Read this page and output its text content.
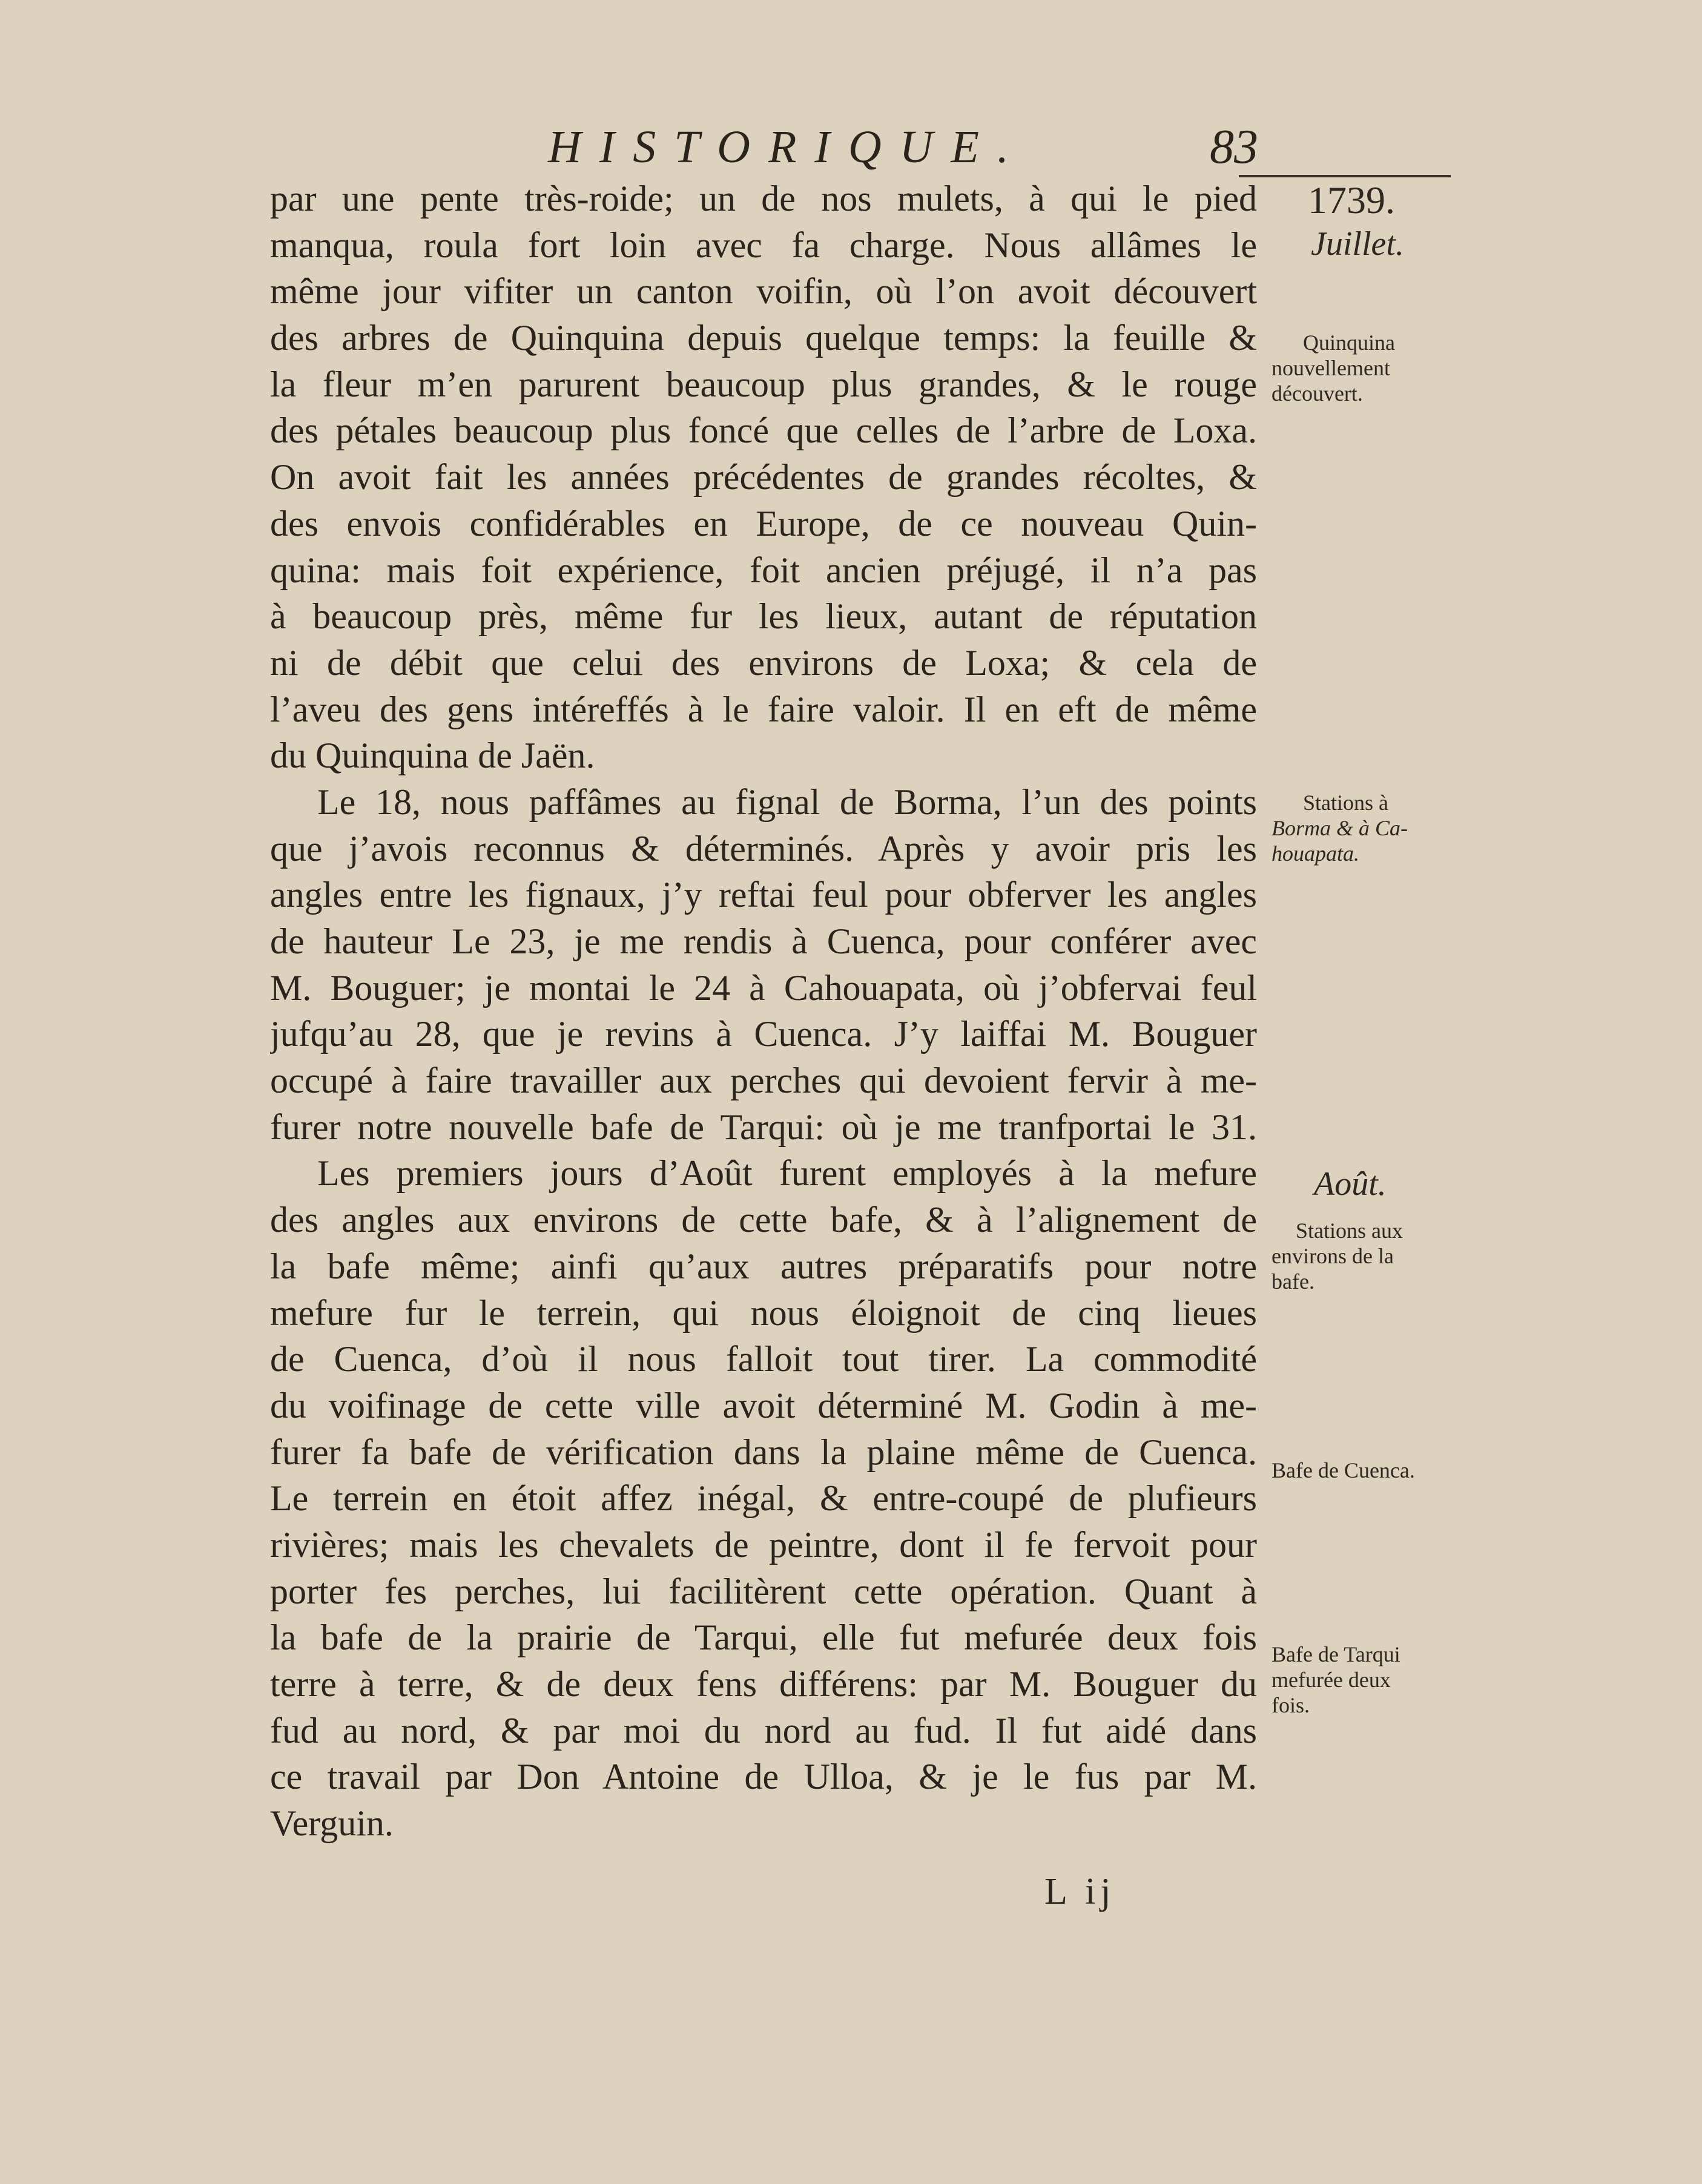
HISTORIQUE.	83
par une pente très-roide; un de nos mulets, à qui le pied
manqua, roula fort loin avec fa charge. Nous allâmes le
même jour vifiter un canton voifin, où l’on avoit découvert
des arbres de Quinquina depuis quelque temps: la feuille &
la fleur m’en parurent beaucoup plus grandes, & le rouge
des pétales beaucoup plus foncé que celles de l’arbre de Loxa.
On avoit fait les années précédentes de grandes récoltes, &
des envois confidérables en Europe, de ce nouveau Quin-
quina: mais foit expérience, foit ancien préjugé, il n’a pas
à beaucoup près, même fur les lieux, autant de réputation
ni de débit que celui des environs de Loxa; & cela de
l’aveu des gens intéreffés à le faire valoir. Il en eft de même
du Quinquina de Jaën.
Le 18, nous paffâmes au fignal de Borma, l’un des points
que j’avois reconnus & déterminés. Après y avoir pris les
angles entre les fignaux, j’y reftai feul pour obferver les angles
de hauteur Le 23, je me rendis à Cuenca, pour conférer avec
M. Bouguer; je montai le 24 à Cahouapata, où j’obfervai feul
jufqu’au 28, que je revins à Cuenca. J’y laiffai M. Bouguer
occupé à faire travailler aux perches qui devoient fervir à me-
furer notre nouvelle bafe de Tarqui: où je me tranfportai le 31.
Les premiers jours d’Août furent employés à la mefure
des angles aux environs de cette bafe, & à l’alignement de
la bafe même; ainfi qu’aux autres préparatifs pour notre
mefure fur le terrein, qui nous éloignoit de cinq lieues
de Cuenca, d’où il nous falloit tout tirer. La commodité
du voifinage de cette ville avoit déterminé M. Godin à me-
furer fa bafe de vérification dans la plaine même de Cuenca.
Le terrein en étoit affez inégal, & entre-coupé de plufieurs
rivières; mais les chevalets de peintre, dont il fe fervoit pour
porter fes perches, lui facilitèrent cette opération. Quant à
la bafe de la prairie de Tarqui, elle fut mefurée deux fois
terre à terre, & de deux fens différens: par M. Bouguer du
fud au nord, & par moi du nord au fud. Il fut aidé dans
ce travail par Don Antoine de Ulloa, & je le fus par M.
Verguin.
1739.
Juillet.
Quinquina
nouvellement
découvert.
Stations à
Borma & à Ca-
houapata.
Août.
Stations aux
environs de la
bafe.
Bafe de Cuenca.
Bafe de Tarqui
mefurée deux
fois.
L ij
